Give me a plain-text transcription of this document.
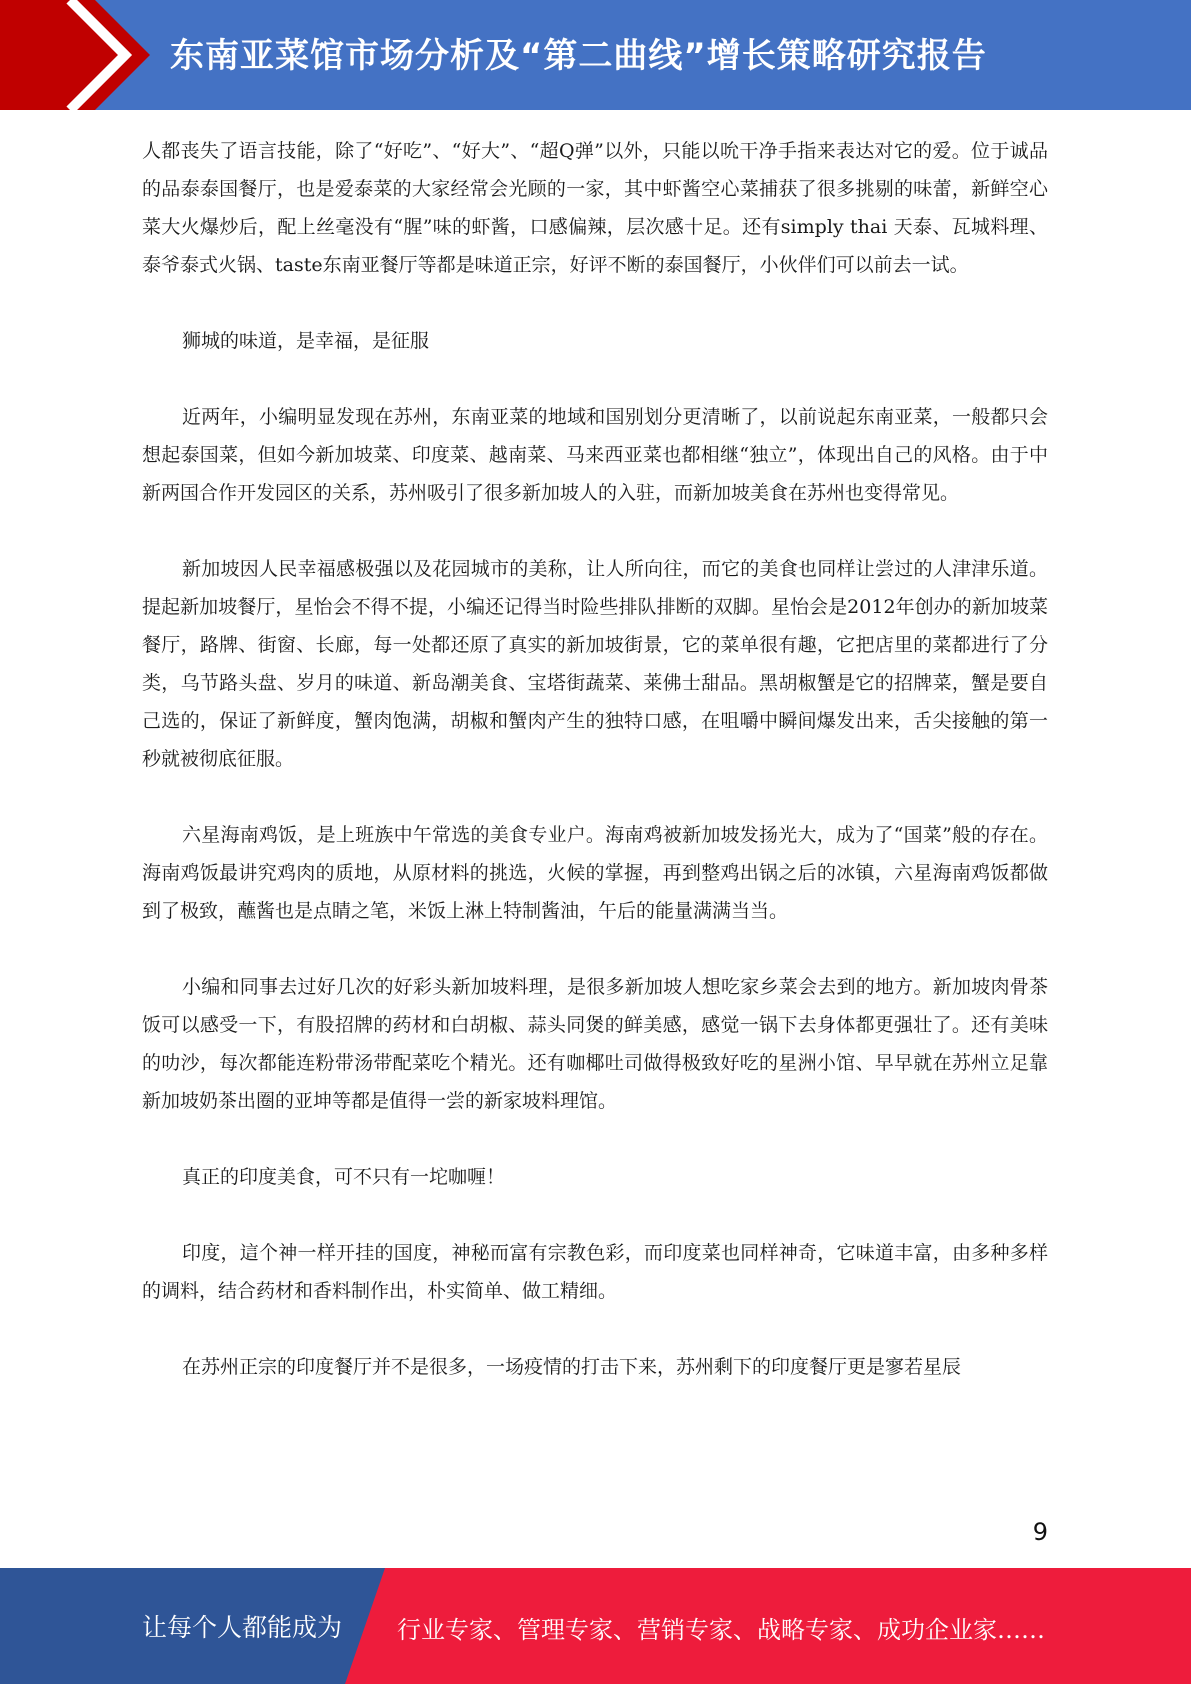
东南亚菜馆市场分析及“第二曲线”增长策略研究报告

人都丧失了语言技能，除了“好吃”、“好大”、“超Q弹”以外，只能以吮干净手指来表达对它的爱。位于诚品的品泰泰国餐厅，也是爱泰菜的大家经常会光顾的一家，其中虾酱空心菜捕获了很多挑剔的味蕾，新鲜空心菜大火爆炒后，配上丝毫没有“腥”味的虾酱，口感偏辣，层次感十足。还有simply thai 天泰、瓦城料理、泰爷泰式火锅、taste东南亚餐厅等都是味道正宗，好评不断的泰国餐厅，小伙伴们可以前去一试。

狮城的味道，是幸福，是征服

近两年，小编明显发现在苏州，东南亚菜的地域和国别划分更清晰了，以前说起东南亚菜，一般都只会想起泰国菜，但如今新加坡菜、印度菜、越南菜、马来西亚菜也都相继“独立”，体现出自己的风格。由于中新两国合作开发园区的关系，苏州吸引了很多新加坡人的入驻，而新加坡美食在苏州也变得常见。

新加坡因人民幸福感极强以及花园城市的美称，让人所向往，而它的美食也同样让尝过的人津津乐道。提起新加坡餐厅，星怡会不得不提，小编还记得当时险些排队排断的双脚。星怡会是2012年创办的新加坡菜餐厅，路牌、街窗、长廊，每一处都还原了真实的新加坡街景，它的菜单很有趣，它把店里的菜都进行了分类，乌节路头盘、岁月的味道、新岛潮美食、宝塔街蔬菜、莱佛士甜品。黑胡椒蟹是它的招牌菜，蟹是要自己选的，保证了新鲜度，蟹肉饱满，胡椒和蟹肉产生的独特口感，在咀嚼中瞬间爆发出来，舌尖接触的第一秒就被彻底征服。

六星海南鸡饭，是上班族中午常选的美食专业户。海南鸡被新加坡发扬光大，成为了“国菜”般的存在。海南鸡饭最讲究鸡肉的质地，从原材料的挑选，火候的掌握，再到整鸡出锅之后的冰镇，六星海南鸡饭都做到了极致，蘸酱也是点睛之笔，米饭上淋上特制酱油，午后的能量满满当当。

小编和同事去过好几次的好彩头新加坡料理，是很多新加坡人想吃家乡菜会去到的地方。新加坡肉骨茶饭可以感受一下，有股招牌的药材和白胡椒、蒜头同煲的鲜美感，感觉一锅下去身体都更强壮了。还有美味的叻沙，每次都能连粉带汤带配菜吃个精光。还有咖椰吐司做得极致好吃的星洲小馆、早早就在苏州立足靠新加坡奶茶出圈的亚坤等都是值得一尝的新家坡料理馆。

真正的印度美食，可不只有一坨咖喱！

印度，這个神一样开挂的国度，神秘而富有宗教色彩，而印度菜也同样神奇，它味道丰富，由多种多样的调料，结合药材和香料制作出，朴实简单、做工精细。

在苏州正宗的印度餐厅并不是很多，一场疫情的打击下来，苏州剩下的印度餐厅更是寥若星辰

9
让每个人都能成为 行业专家、管理专家、营销专家、战略专家、成功企业家……
